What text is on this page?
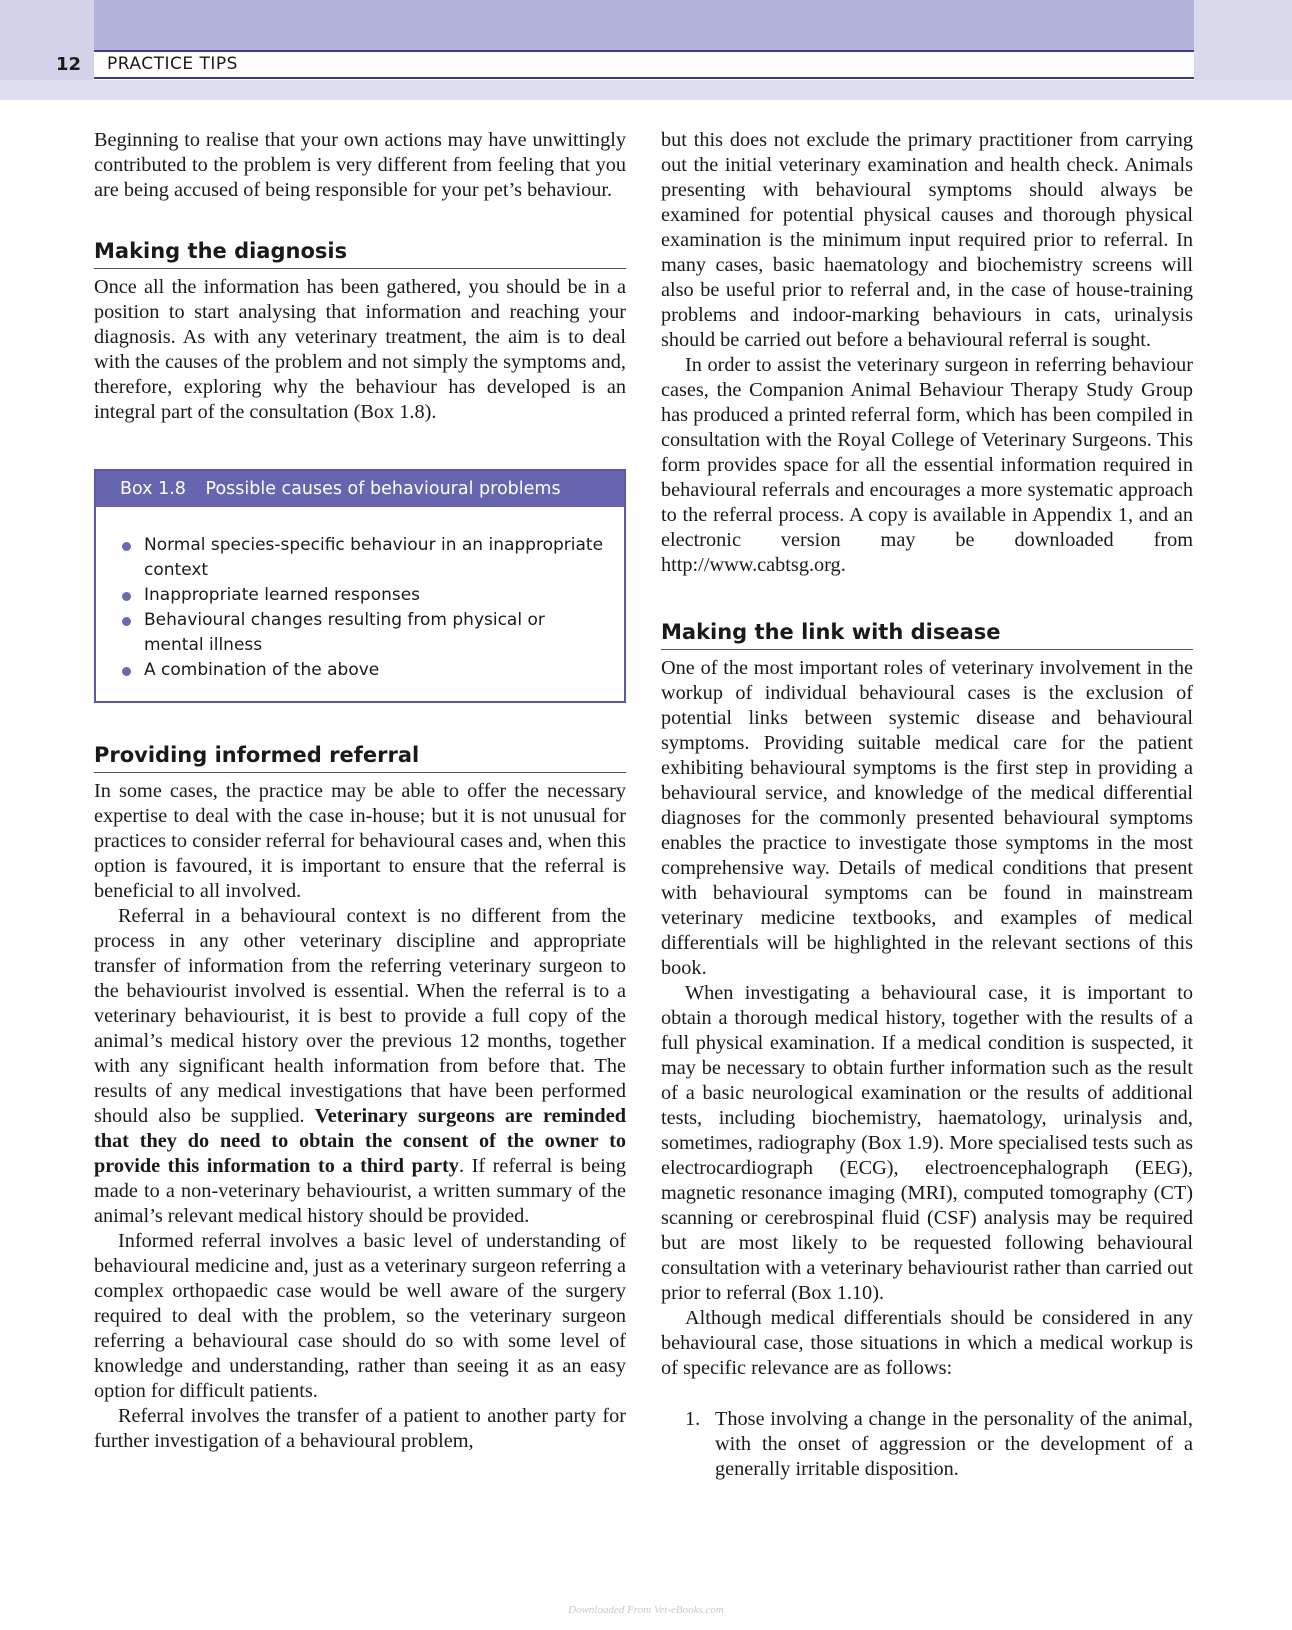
12 PRACTICE TIPS

Beginning to realise that your own actions may have unwittingly contributed to the problem is very different from feeling that you are being accused of being responsible for your pet’s behaviour.

Making the diagnosis

Once all the information has been gathered, you should be in a position to start analysing that information and reaching your diagnosis. As with any veterinary treatment, the aim is to deal with the causes of the problem and not simply the symptoms and, therefore, exploring why the behaviour has developed is an integral part of the consultation (Box 1.8).

Box 1.8 Possible causes of behavioural problems
Normal species-specific behaviour in an inappropriate context
Inappropriate learned responses
Behavioural changes resulting from physical or mental illness
A combination of the above
Providing informed referral

In some cases, the practice may be able to offer the necessary expertise to deal with the case in-house; but it is not unusual for practices to consider referral for behavioural cases and, when this option is favoured, it is important to ensure that the referral is beneficial to all involved.

Referral in a behavioural context is no different from the process in any other veterinary discipline and appropriate transfer of information from the referring veterinary surgeon to the behaviourist involved is essential. When the referral is to a veterinary behaviourist, it is best to provide a full copy of the animal’s medical history over the previous 12 months, together with any significant health information from before that. The results of any medical investigations that have been performed should also be supplied. Veterinary surgeons are reminded that they do need to obtain the consent of the owner to provide this information to a third party. If referral is being made to a non-veterinary behaviourist, a written summary of the animal’s relevant medical history should be provided.

Informed referral involves a basic level of understanding of behavioural medicine and, just as a veterinary surgeon referring a complex orthopaedic case would be well aware of the surgery required to deal with the problem, so the veterinary surgeon referring a behavioural case should do so with some level of knowledge and understanding, rather than seeing it as an easy option for difficult patients.

Referral involves the transfer of a patient to another party for further investigation of a behavioural problem,

but this does not exclude the primary practitioner from carrying out the initial veterinary examination and health check. Animals presenting with behavioural symptoms should always be examined for potential physical causes and thorough physical examination is the minimum input required prior to referral. In many cases, basic haematology and biochemistry screens will also be useful prior to referral and, in the case of house-training problems and indoor-marking behaviours in cats, urinalysis should be carried out before a behavioural referral is sought.

In order to assist the veterinary surgeon in referring behaviour cases, the Companion Animal Behaviour Therapy Study Group has produced a printed referral form, which has been compiled in consultation with the Royal College of Veterinary Surgeons. This form provides space for all the essential information required in behavioural referrals and encourages a more systematic approach to the referral process. A copy is available in Appendix 1, and an electronic version may be downloaded from http://www.cabtsg.org.

Making the link with disease

One of the most important roles of veterinary involvement in the workup of individual behavioural cases is the exclusion of potential links between systemic disease and behavioural symptoms. Providing suitable medical care for the patient exhibiting behavioural symptoms is the first step in providing a behavioural service, and knowledge of the medical differential diagnoses for the commonly presented behavioural symptoms enables the practice to investigate those symptoms in the most comprehensive way. Details of medical conditions that present with behavioural symptoms can be found in mainstream veterinary medicine textbooks, and examples of medical differentials will be highlighted in the relevant sections of this book.

When investigating a behavioural case, it is important to obtain a thorough medical history, together with the results of a full physical examination. If a medical condition is suspected, it may be necessary to obtain further information such as the result of a basic neurological examination or the results of additional tests, including biochemistry, haematology, urinalysis and, sometimes, radiography (Box 1.9). More specialised tests such as electrocardiograph (ECG), electroencephalograph (EEG), magnetic resonance imaging (MRI), computed tomography (CT) scanning or cerebrospinal fluid (CSF) analysis may be required but are most likely to be requested following behavioural consultation with a veterinary behaviourist rather than carried out prior to referral (Box 1.10).

Although medical differentials should be considered in any behavioural case, those situations in which a medical workup is of specific relevance are as follows:

1. Those involving a change in the personality of the animal, with the onset of aggression or the development of a generally irritable disposition.
Downloaded From Vet-eBooks.com
